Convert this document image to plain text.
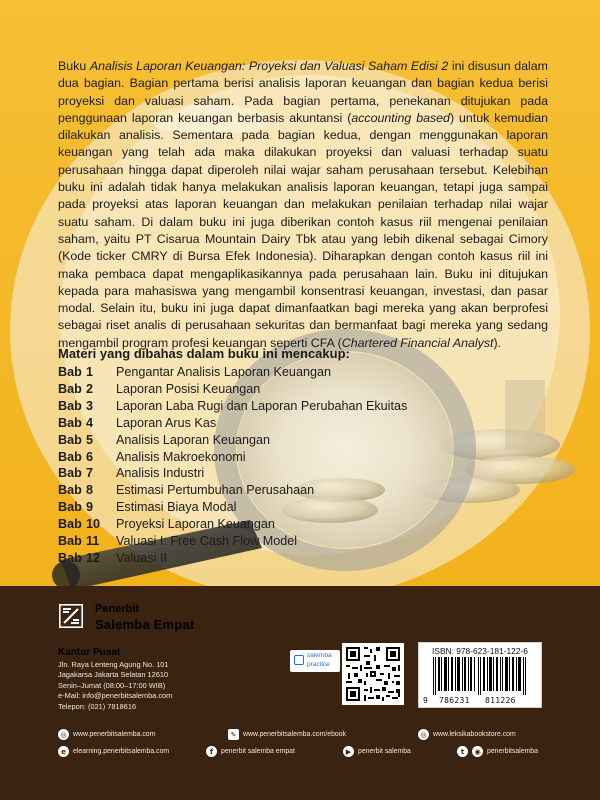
Buku Analisis Laporan Keuangan: Proyeksi dan Valuasi Saham Edisi 2 ini disusun dalam dua bagian. Bagian pertama berisi analisis laporan keuangan dan bagian kedua berisi proyeksi dan valuasi saham. Pada bagian pertama, penekanan ditujukan pada penggunaan laporan keuangan berbasis akuntansi (accounting based) untuk kemudian dilakukan analisis. Sementara pada bagian kedua, dengan menggunakan laporan keuangan yang telah ada maka dilakukan proyeksi dan valuasi terhadap suatu perusahaan hingga dapat diperoleh nilai wajar saham perusahaan tersebut. Kelebihan buku ini adalah tidak hanya melakukan analisis laporan keuangan, tetapi juga sampai pada proyeksi atas laporan keuangan dan melakukan penilaian terhadap nilai wajar suatu saham. Di dalam buku ini juga diberikan contoh kasus riil mengenai penilaian saham, yaitu PT Cisarua Mountain Dairy Tbk atau yang lebih dikenal sebagai Cimory (Kode ticker CMRY di Bursa Efek Indonesia). Diharapkan dengan contoh kasus riil ini maka pembaca dapat mengaplikasikannya pada perusahaan lain. Buku ini ditujukan kepada para mahasiswa yang mengambil konsentrasi keuangan, investasi, dan pasar modal. Selain itu, buku ini juga dapat dimanfaatkan bagi mereka yang akan berprofesi sebagai riset analis di perusahaan sekuritas dan bermanfaat bagi mereka yang sedang mengambil program profesi keuangan seperti CFA (Chartered Financial Analyst).

Materi yang dibahas dalam buku ini mencakup:
Bab 1	Pengantar Analisis Laporan Keuangan
Bab 2	Laporan Posisi Keuangan
Bab 3	Laporan Laba Rugi dan Laporan Perubahan Ekuitas
Bab 4	Laporan Arus Kas
Bab 5	Analisis Laporan Keuangan
Bab 6	Analisis Makroekonomi
Bab 7	Analisis Industri
Bab 8	Estimasi Pertumbuhan Perusahaan
Bab 9	Estimasi Biaya Modal
Bab 10	Proyeksi Laporan Keuangan
Bab 11	Valuasi I: Free Cash Flow Model
Bab 12	Valuasi II
Penerbit
Salemba Empat
Kantor Pusat
Jln. Raya Lenteng Agung No. 101
Jagakarsa Jakarta Selatan 12610
Senin–Jumat (08:00–17:00 WIB)
e-Mail: info@penerbitsalemba.com
Telepon: (021) 7818616
salemba
practice
ISBN: 978-623-181-122-6
9 786231 811226
◎ www.penerbitsalemba.com	✎ www.penerbitsalemba.com/ebook	◎ www.leksikabookstore.com
e	elearning.penerbitsalemba.com	f	penerbit salemba empat	▶ penerbit salemba	t	◉ penerbitsalemba
